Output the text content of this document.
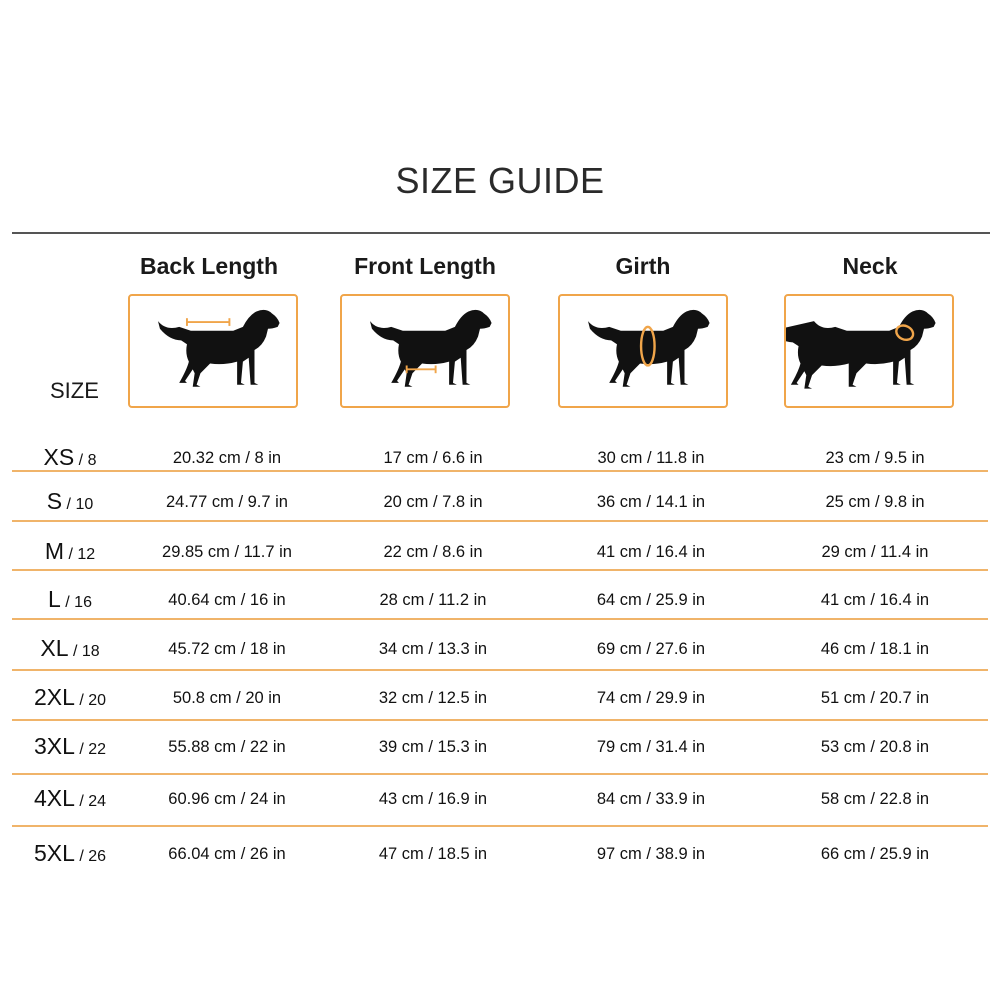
SIZE GUIDE
Back Length	Front Length	Girth	Neck
SIZE
XS / 8	20.32 cm / 8 in	17 cm / 6.6 in	30 cm / 11.8 in	23 cm / 9.5 in
S / 10	24.77 cm / 9.7 in	20 cm / 7.8 in	36 cm / 14.1 in	25 cm / 9.8 in
M / 12	29.85 cm / 11.7 in	22 cm / 8.6 in	41 cm / 16.4 in	29 cm / 11.4 in
L / 16	40.64 cm / 16 in	28 cm / 11.2 in	64 cm / 25.9 in	41 cm / 16.4 in
XL / 18	45.72 cm / 18 in	34 cm / 13.3 in	69 cm / 27.6 in	46 cm / 18.1 in
2XL / 20	50.8 cm / 20 in	32 cm / 12.5 in	74 cm / 29.9 in	51 cm / 20.7 in
3XL / 22	55.88 cm / 22 in	39 cm / 15.3 in	79 cm / 31.4 in	53 cm / 20.8 in
4XL / 24	60.96 cm / 24 in	43 cm / 16.9 in	84 cm / 33.9 in	58 cm / 22.8 in
5XL / 26	66.04 cm / 26 in	47 cm / 18.5 in	97 cm / 38.9 in	66 cm / 25.9 in
